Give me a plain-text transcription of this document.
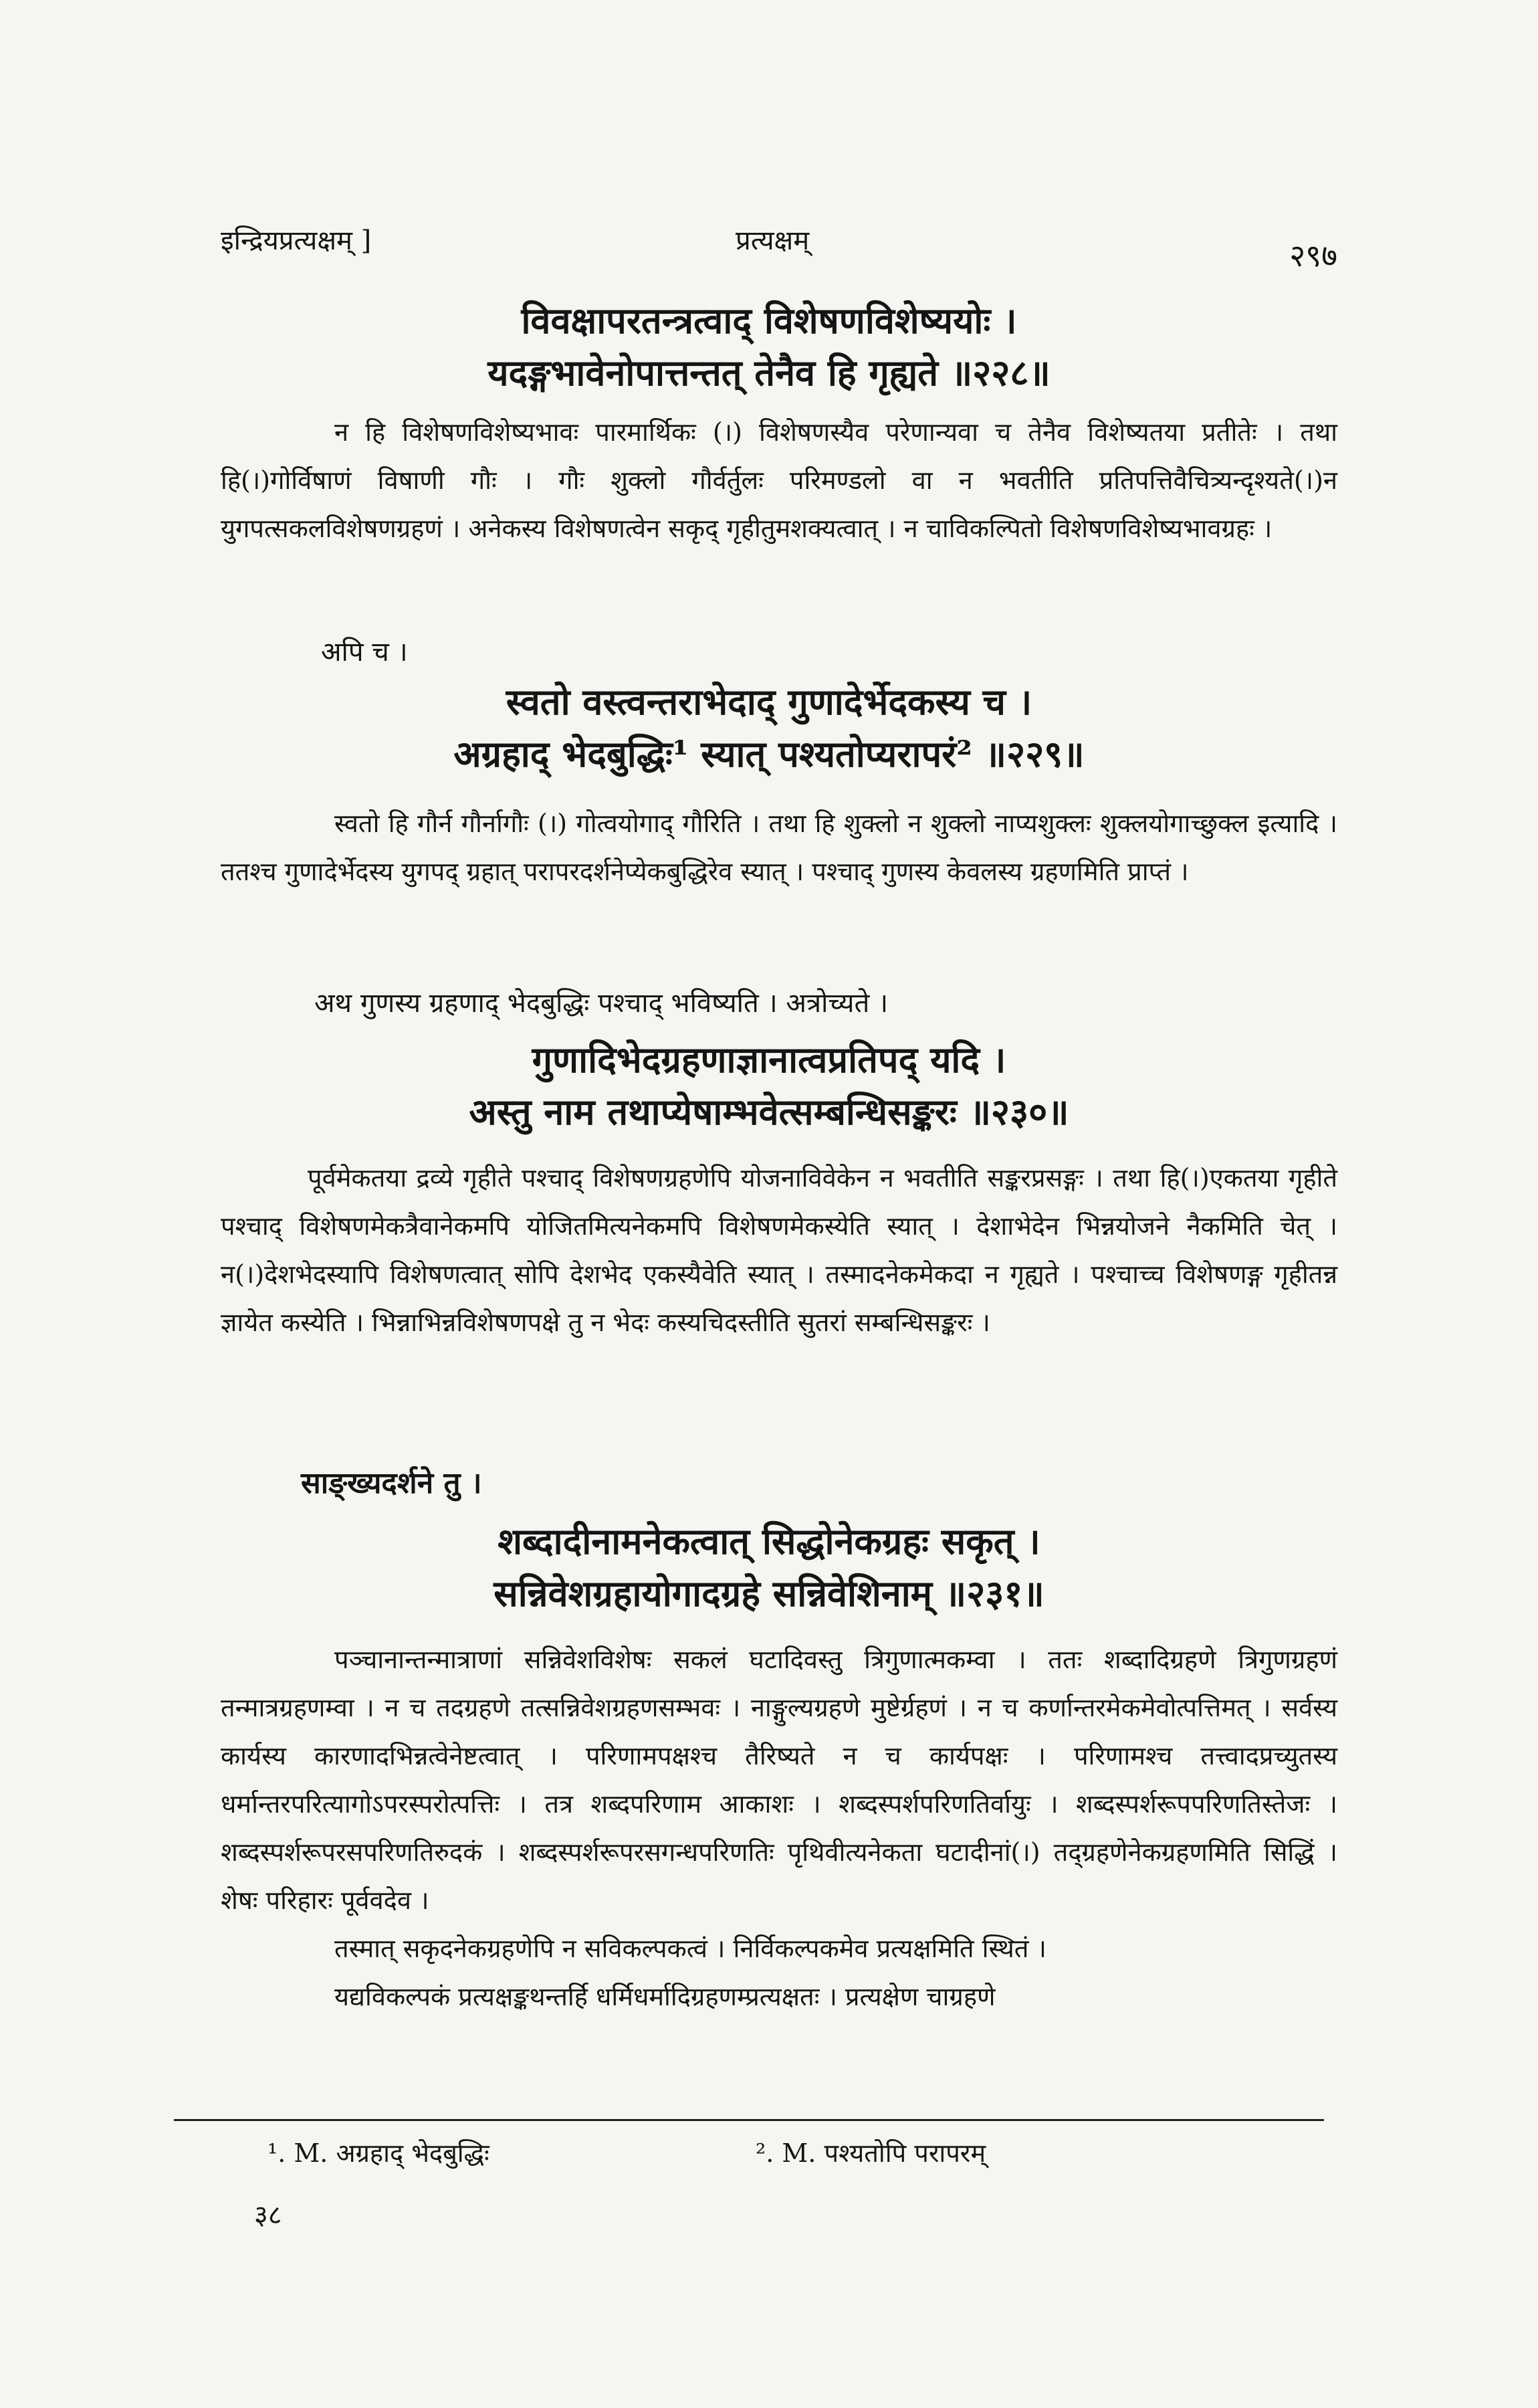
इन्द्रियप्रत्यक्षम् ]	प्रत्यक्षम्	२९७
विवक्षापरतन्त्रत्वाद् विशेषणविशेष्ययोः ।
यदङ्गभावेनोपात्तन्तत् तेनैव हि गृह्यते ॥२२८॥

न हि विशेषणविशेष्यभावः पारमार्थिकः (।) विशेषणस्यैव परेणान्यवा च तेनैव विशेष्यतया प्रतीतेः । तथा हि(।)गोर्विषाणं विषाणी गौः । गौः शुक्लो गौर्वर्तुलः परिमण्डलो वा न भवतीति प्रतिपत्तिवैचित्र्यन्दृश्यते(।)न युगपत्सकलविशेषणग्रहणं । अनेकस्य विशेषणत्वेन सकृद् गृहीतुमशक्यत्वात् । न चाविकल्पितो विशेषणविशेष्यभावग्रहः ।

अपि च ।
स्वतो वस्त्वन्तराभेदाद् गुणादेर्भेदकस्य च ।
अग्रहाद् भेदबुद्धिः¹ स्यात् पश्यतोप्यरापरं² ॥२२९॥

स्वतो हि गौर्न गौर्नागौः (।) गोत्वयोगाद् गौरिति । तथा हि शुक्लो न शुक्लो नाप्यशुक्लः शुक्लयोगाच्छुक्ल इत्यादि । ततश्च गुणादेर्भेदस्य युगपद् ग्रहात् परापरदर्शनेप्येकबुद्धिरेव स्यात् । पश्चाद् गुणस्य केवलस्य ग्रहणमिति प्राप्तं ।

अथ गुणस्य ग्रहणाद् भेदबुद्धिः पश्चाद् भविष्यति । अत्रोच्यते ।
गुणादिभेदग्रहणाज्ञानात्वप्रतिपद् यदि ।
अस्तु नाम तथाप्येषाम्भवेत्सम्बन्धिसङ्करः ॥२३०॥

पूर्वमेकतया द्रव्ये गृहीते पश्चाद् विशेषणग्रहणेपि योजनाविवेकेन न भवतीति सङ्करप्रसङ्गः । तथा हि(।)एकतया गृहीते पश्चाद् विशेषणमेकत्रैवानेकमपि योजितमित्यनेकमपि विशेषणमेकस्येति स्यात् । देशाभेदेन भिन्नयोजने नैकमिति चेत् । न(।)देशभेदस्यापि विशेषणत्वात् सोपि देशभेद एकस्यैवेति स्यात् । तस्मादनेकमेकदा न गृह्यते । पश्चाच्च विशेषणङ्ग गृहीतन्न ज्ञायेत कस्येति । भिन्नाभिन्नविशेषणपक्षे तु न भेदः कस्यचिदस्तीति सुतरां सम्बन्धिसङ्करः ।

साङ्ख्यदर्शने तु ।
शब्दादीनामनेकत्वात् सिद्धोनेकग्रहः सकृत् ।
सन्निवेशग्रहायोगादग्रहे सन्निवेशिनाम् ॥२३१॥

पञ्चानान्तन्मात्राणां सन्निवेशविशेषः सकलं घटादिवस्तु त्रिगुणात्मकम्वा । ततः शब्दादिग्रहणे त्रिगुणग्रहणं तन्मात्रग्रहणम्वा । न च तदग्रहणे तत्सन्निवेशग्रहणसम्भवः । नाङ्गुल्यग्रहणे मुष्टेर्ग्रहणं । न च कर्णान्तरमेकमेवोत्पत्तिमत् । सर्वस्य कार्यस्य कारणादभिन्नत्वेनेष्टत्वात् । परिणामपक्षश्च तैरिष्यते न च कार्यपक्षः । परिणामश्च तत्त्वादप्रच्युतस्य धर्मान्तरपरित्यागोऽपरस्परोत्पत्तिः । तत्र शब्दपरिणाम आकाशः । शब्दस्पर्शपरिणतिर्वायुः । शब्दस्पर्शरूपपरिणतिस्तेजः । शब्दस्पर्शरूपरसपरिणतिरुदकं । शब्दस्पर्शरूपरसगन्धपरिणतिः पृथिवीत्यनेकता घटादीनां(।) तद्ग्रहणेनेकग्रहणमिति सिद्धिं । शेषः परिहारः पूर्ववदेव ।

तस्मात् सकृदनेकग्रहणेपि न सविकल्पकत्वं । निर्विकल्पकमेव प्रत्यक्षमिति स्थितं ।

यद्यविकल्पकं प्रत्यक्षङ्कथन्तर्हि धर्मिधर्मादिग्रहणम्प्रत्यक्षतः । प्रत्यक्षेण चाग्रहणे

¹. M. अग्रहाद् भेदबुद्धिः	². M. पश्यतोपि परापरम्
३८
